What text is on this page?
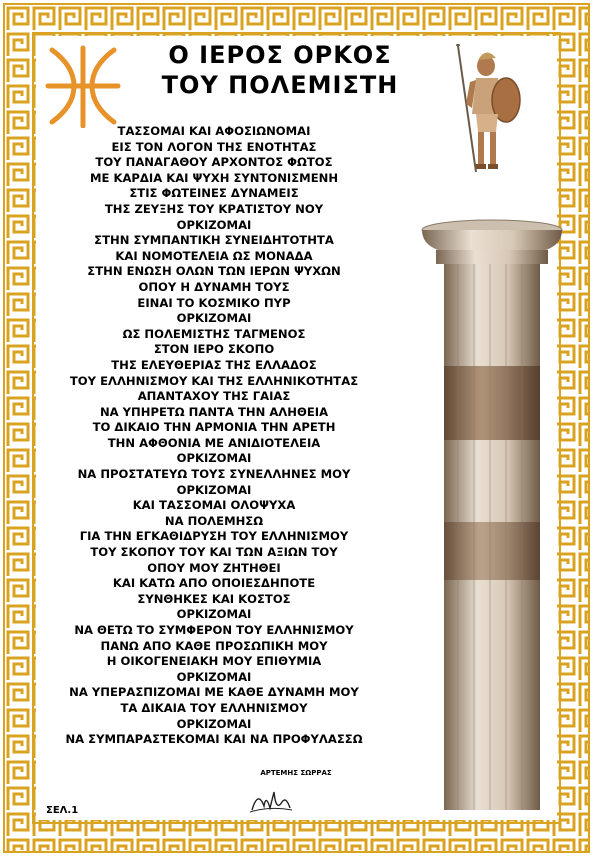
Ο ΙΕΡΟΣ ΟΡΚΟΣ
ΤΟΥ ΠΟΛΕΜΙΣΤΗ
ΤΑΣΣΟΜΑΙ ΚΑΙ ΑΦΟΣΙΩΝΟΜΑΙ
ΕΙΣ ΤΟΝ ΛΟΓΟΝ ΤΗΣ ΕΝΟΤΗΤΑΣ
ΤΟΥ ΠΑΝΑΓΑΘΟΥ ΑΡΧΟΝΤΟΣ ΦΩΤΟΣ
ΜΕ ΚΑΡΔΙΑ ΚΑΙ ΨΥΧΗ ΣΥΝΤΟΝΙΣΜΕΝΗ
ΣΤΙΣ ΦΩΤΕΙΝΕΣ ΔΥΝΑΜΕΙΣ
ΤΗΣ ΖΕΥΞΗΣ ΤΟΥ ΚΡΑΤΙΣΤΟΥ ΝΟΥ
ΟΡΚΙΖΟΜΑΙ
ΣΤΗΝ ΣΥΜΠΑΝΤΙΚΗ ΣΥΝΕΙΔΗΤΟΤΗΤΑ
ΚΑΙ ΝΟΜΟΤΕΛΕΙΑ ΩΣ ΜΟΝΑΔΑ
ΣΤΗΝ ΕΝΩΣΗ ΟΛΩΝ ΤΩΝ ΙΕΡΩΝ ΨΥΧΩΝ
ΟΠΟΥ Η ΔΥΝΑΜΗ ΤΟΥΣ
ΕΙΝΑΙ ΤΟ ΚΟΣΜΙΚΟ ΠΥΡ
ΟΡΚΙΖΟΜΑΙ
ΩΣ ΠΟΛΕΜΙΣΤΗΣ ΤΑΓΜΕΝΟΣ
ΣΤΟΝ ΙΕΡΟ ΣΚΟΠΟ
ΤΗΣ ΕΛΕΥΘΕΡΙΑΣ ΤΗΣ ΕΛΛΑΔΟΣ
ΤΟΥ ΕΛΛΗΝΙΣΜΟΥ ΚΑΙ ΤΗΣ ΕΛΛΗΝΙΚΟΤΗΤΑΣ
ΑΠΑΝΤΑΧΟΥ ΤΗΣ ΓΑΙΑΣ
ΝΑ ΥΠΗΡΕΤΩ ΠΑΝΤΑ ΤΗΝ ΑΛΗΘΕΙΑ
ΤΟ ΔΙΚΑΙΟ ΤΗΝ ΑΡΜΟΝΙΑ ΤΗΝ ΑΡΕΤΗ
ΤΗΝ ΑΦΘΟΝΙΑ ΜΕ ΑΝΙΔΙΟΤΕΛΕΙΑ
ΟΡΚΙΖΟΜΑΙ
ΝΑ ΠΡΟΣΤΑΤΕΥΩ ΤΟΥΣ ΣΥΝΕΛΛΗΝΕΣ ΜΟΥ
ΟΡΚΙΖΟΜΑΙ
ΚΑΙ ΤΑΣΣΟΜΑΙ ΟΛΟΨΥΧΑ
ΝΑ ΠΟΛΕΜΗΣΩ
ΓΙΑ ΤΗΝ ΕΓΚΑΘΙΔΡΥΣΗ ΤΟΥ ΕΛΛΗΝΙΣΜΟΥ
ΤΟΥ ΣΚΟΠΟΥ ΤΟΥ ΚΑΙ ΤΩΝ ΑΞΙΩΝ ΤΟΥ
ΟΠΟΥ ΜΟΥ ΖΗΤΗΘΕΙ
ΚΑΙ ΚΑΤΩ ΑΠΟ ΟΠΟΙΕΣΔΗΠΟΤΕ
ΣΥΝΘΗΚΕΣ ΚΑΙ ΚΟΣΤΟΣ
ΟΡΚΙΖΟΜΑΙ
ΝΑ ΘΕΤΩ ΤΟ ΣΥΜΦΕΡΟΝ ΤΟΥ ΕΛΛΗΝΙΣΜΟΥ
ΠΑΝΩ ΑΠΟ ΚΑΘΕ ΠΡΟΣΩΠΙΚΗ ΜΟΥ
Η ΟΙΚΟΓΕΝΕΙΑΚΗ ΜΟΥ ΕΠΙΘΥΜΙΑ
ΟΡΚΙΖΟΜΑΙ
ΝΑ ΥΠΕΡΑΣΠΙΖΟΜΑΙ ΜΕ ΚΑΘΕ ΔΥΝΑΜΗ ΜΟΥ
ΤΑ ΔΙΚΑΙΑ ΤΟΥ ΕΛΛΗΝΙΣΜΟΥ
ΟΡΚΙΖΟΜΑΙ
ΝΑ ΣΥΜΠΑΡΑΣΤΕΚΟΜΑΙ ΚΑΙ ΝΑ ΠΡΟΦΥΛΑΣΣΩ
ΑΡΤΕΜΗΣ ΣΩΡΡΑΣ
ΣΕΛ.1
